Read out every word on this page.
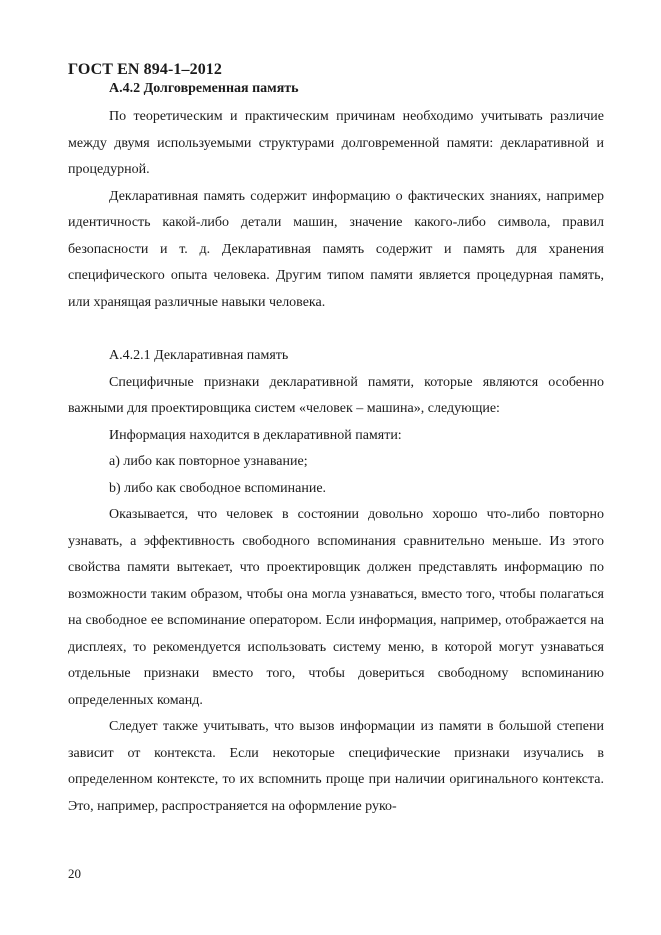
ГОСТ EN 894-1–2012
А.4.2 Долговременная память

По теоретическим и практическим причинам необходимо учитывать различие между двумя используемыми структурами долговременной памяти: декларативной и процедурной.

Декларативная память содержит информацию о фактических знаниях, например идентичность какой-либо детали машин, значение какого-либо символа, правил безопасности и т. д. Декларативная память содержит и память для хранения специфического опыта человека. Другим типом памяти является процедурная память, или хранящая различные навыки человека.

А.4.2.1 Декларативная память

Специфичные признаки декларативной памяти, которые являются особенно важными для проектировщика систем «человек – машина», следующие:

Информация находится в декларативной памяти:

а) либо как повторное узнавание;

b) либо как свободное вспоминание.

Оказывается, что человек в состоянии довольно хорошо что-либо повторно узнавать, а эффективность свободного вспоминания сравнительно меньше. Из этого свойства памяти вытекает, что проектировщик должен представлять информацию по возможности таким образом, чтобы она могла узнаваться, вместо того, чтобы полагаться на свободное ее вспоминание оператором. Если информация, например, отображается на дисплеях, то рекомендуется использовать систему меню, в которой могут узнаваться отдельные признаки вместо того, чтобы довериться свободному вспоминанию определенных команд.

Следует также учитывать, что вызов информации из памяти в большой степени зависит от контекста. Если некоторые специфические признаки изучались в определенном контексте, то их вспомнить проще при наличии оригинального контекста. Это, например, распространяется на оформление руко-

20
